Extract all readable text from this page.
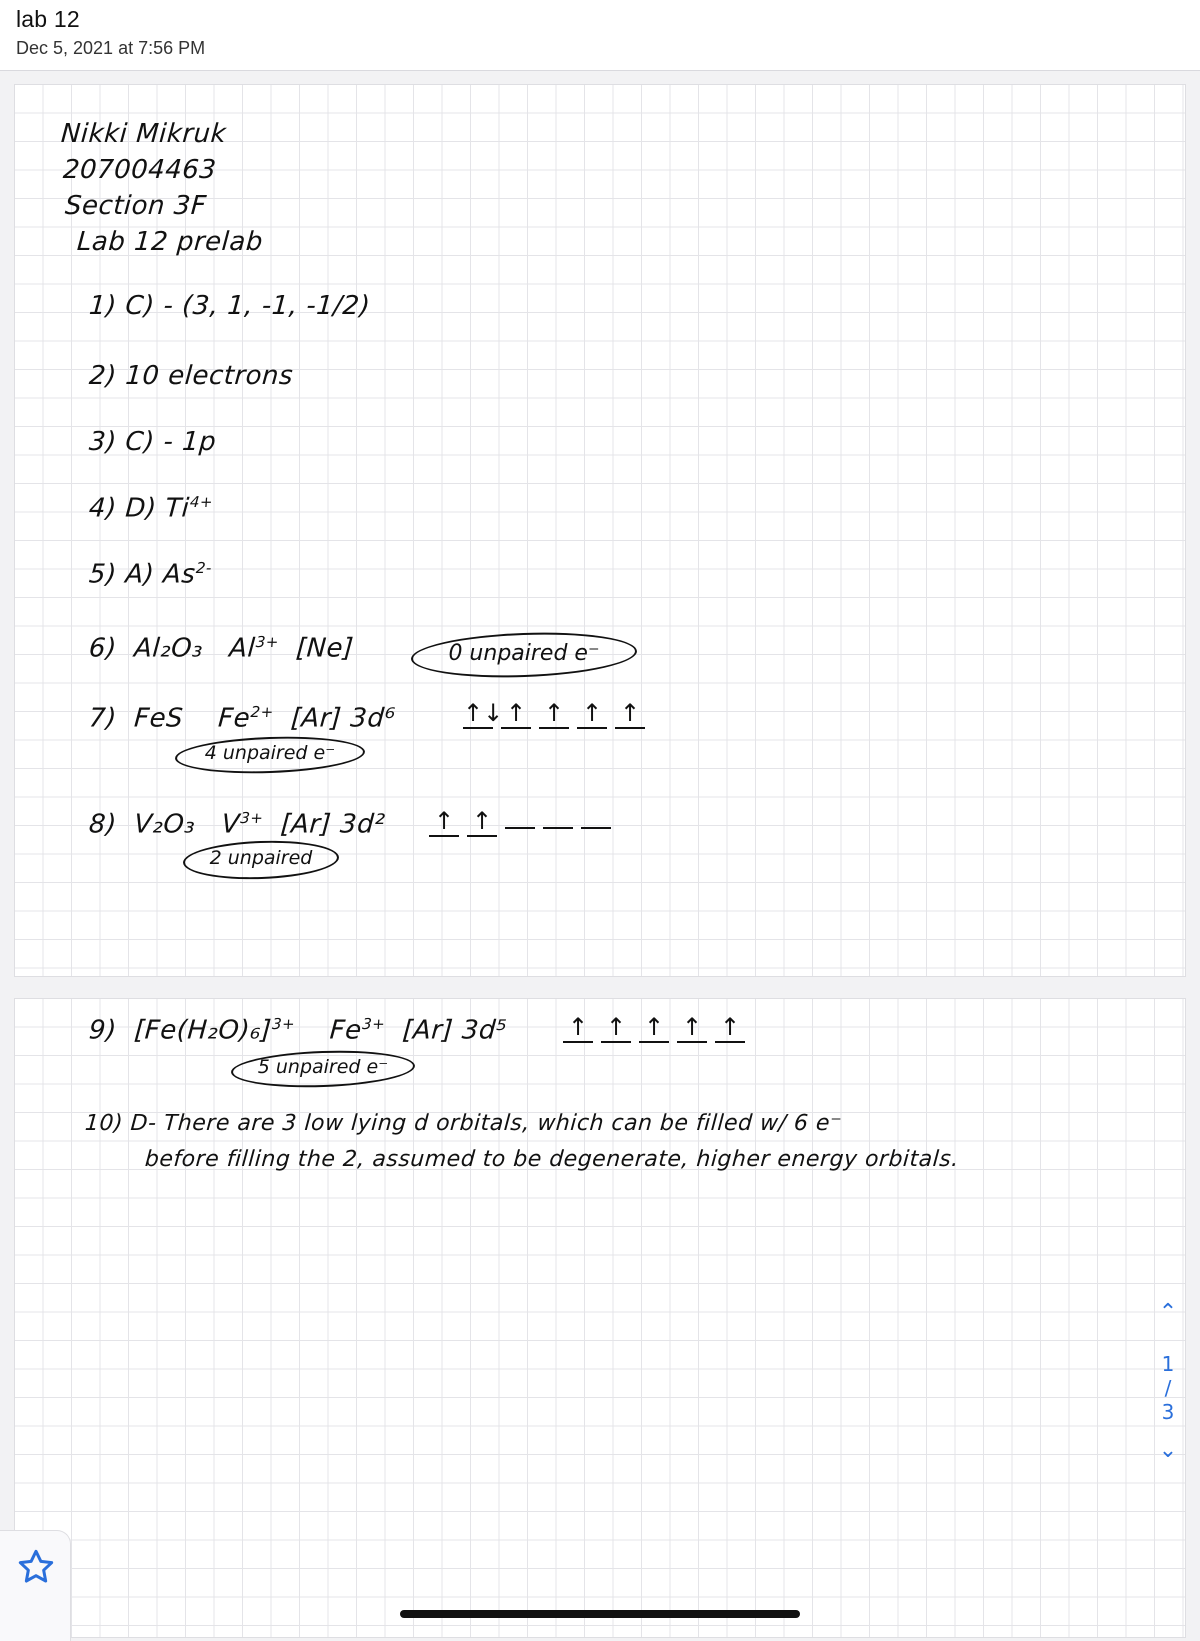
lab 12
Dec 5, 2021 at 7:56 PM
Nikki Mikruk
207004463
Section 3F
Lab 12 prelab
1) C) - (3, 1, -1, -1/2)
2) 10 electrons
3) C) - 1p
4) D) $Ti^{4+}$
5) A) $As^{2-}$
6) Al₂O₃ $Al^{3+}$ [Ne]	0 unpaired e⁻
7) FeS $Fe^{2+}$ [Ar] 3d⁶	↑↓ ↑ ↑ ↑ ↑
4 unpaired e⁻
8) V₂O₃ $V^{3+}$ [Ar] 3d² ↑ ↑
2 unpaired
9) $[Fe(H_2O)_6]^{3+}$ $Fe^{3+}$ [Ar] 3d⁵	↑ ↑ ↑ ↑ ↑
5 unpaired e⁻
10) D- There are 3 low lying d orbitals, which can be filled w/ 6 e⁻
before filling the 2, assumed to be degenerate, higher energy orbitals.
⌃
1
/
3
⌄
